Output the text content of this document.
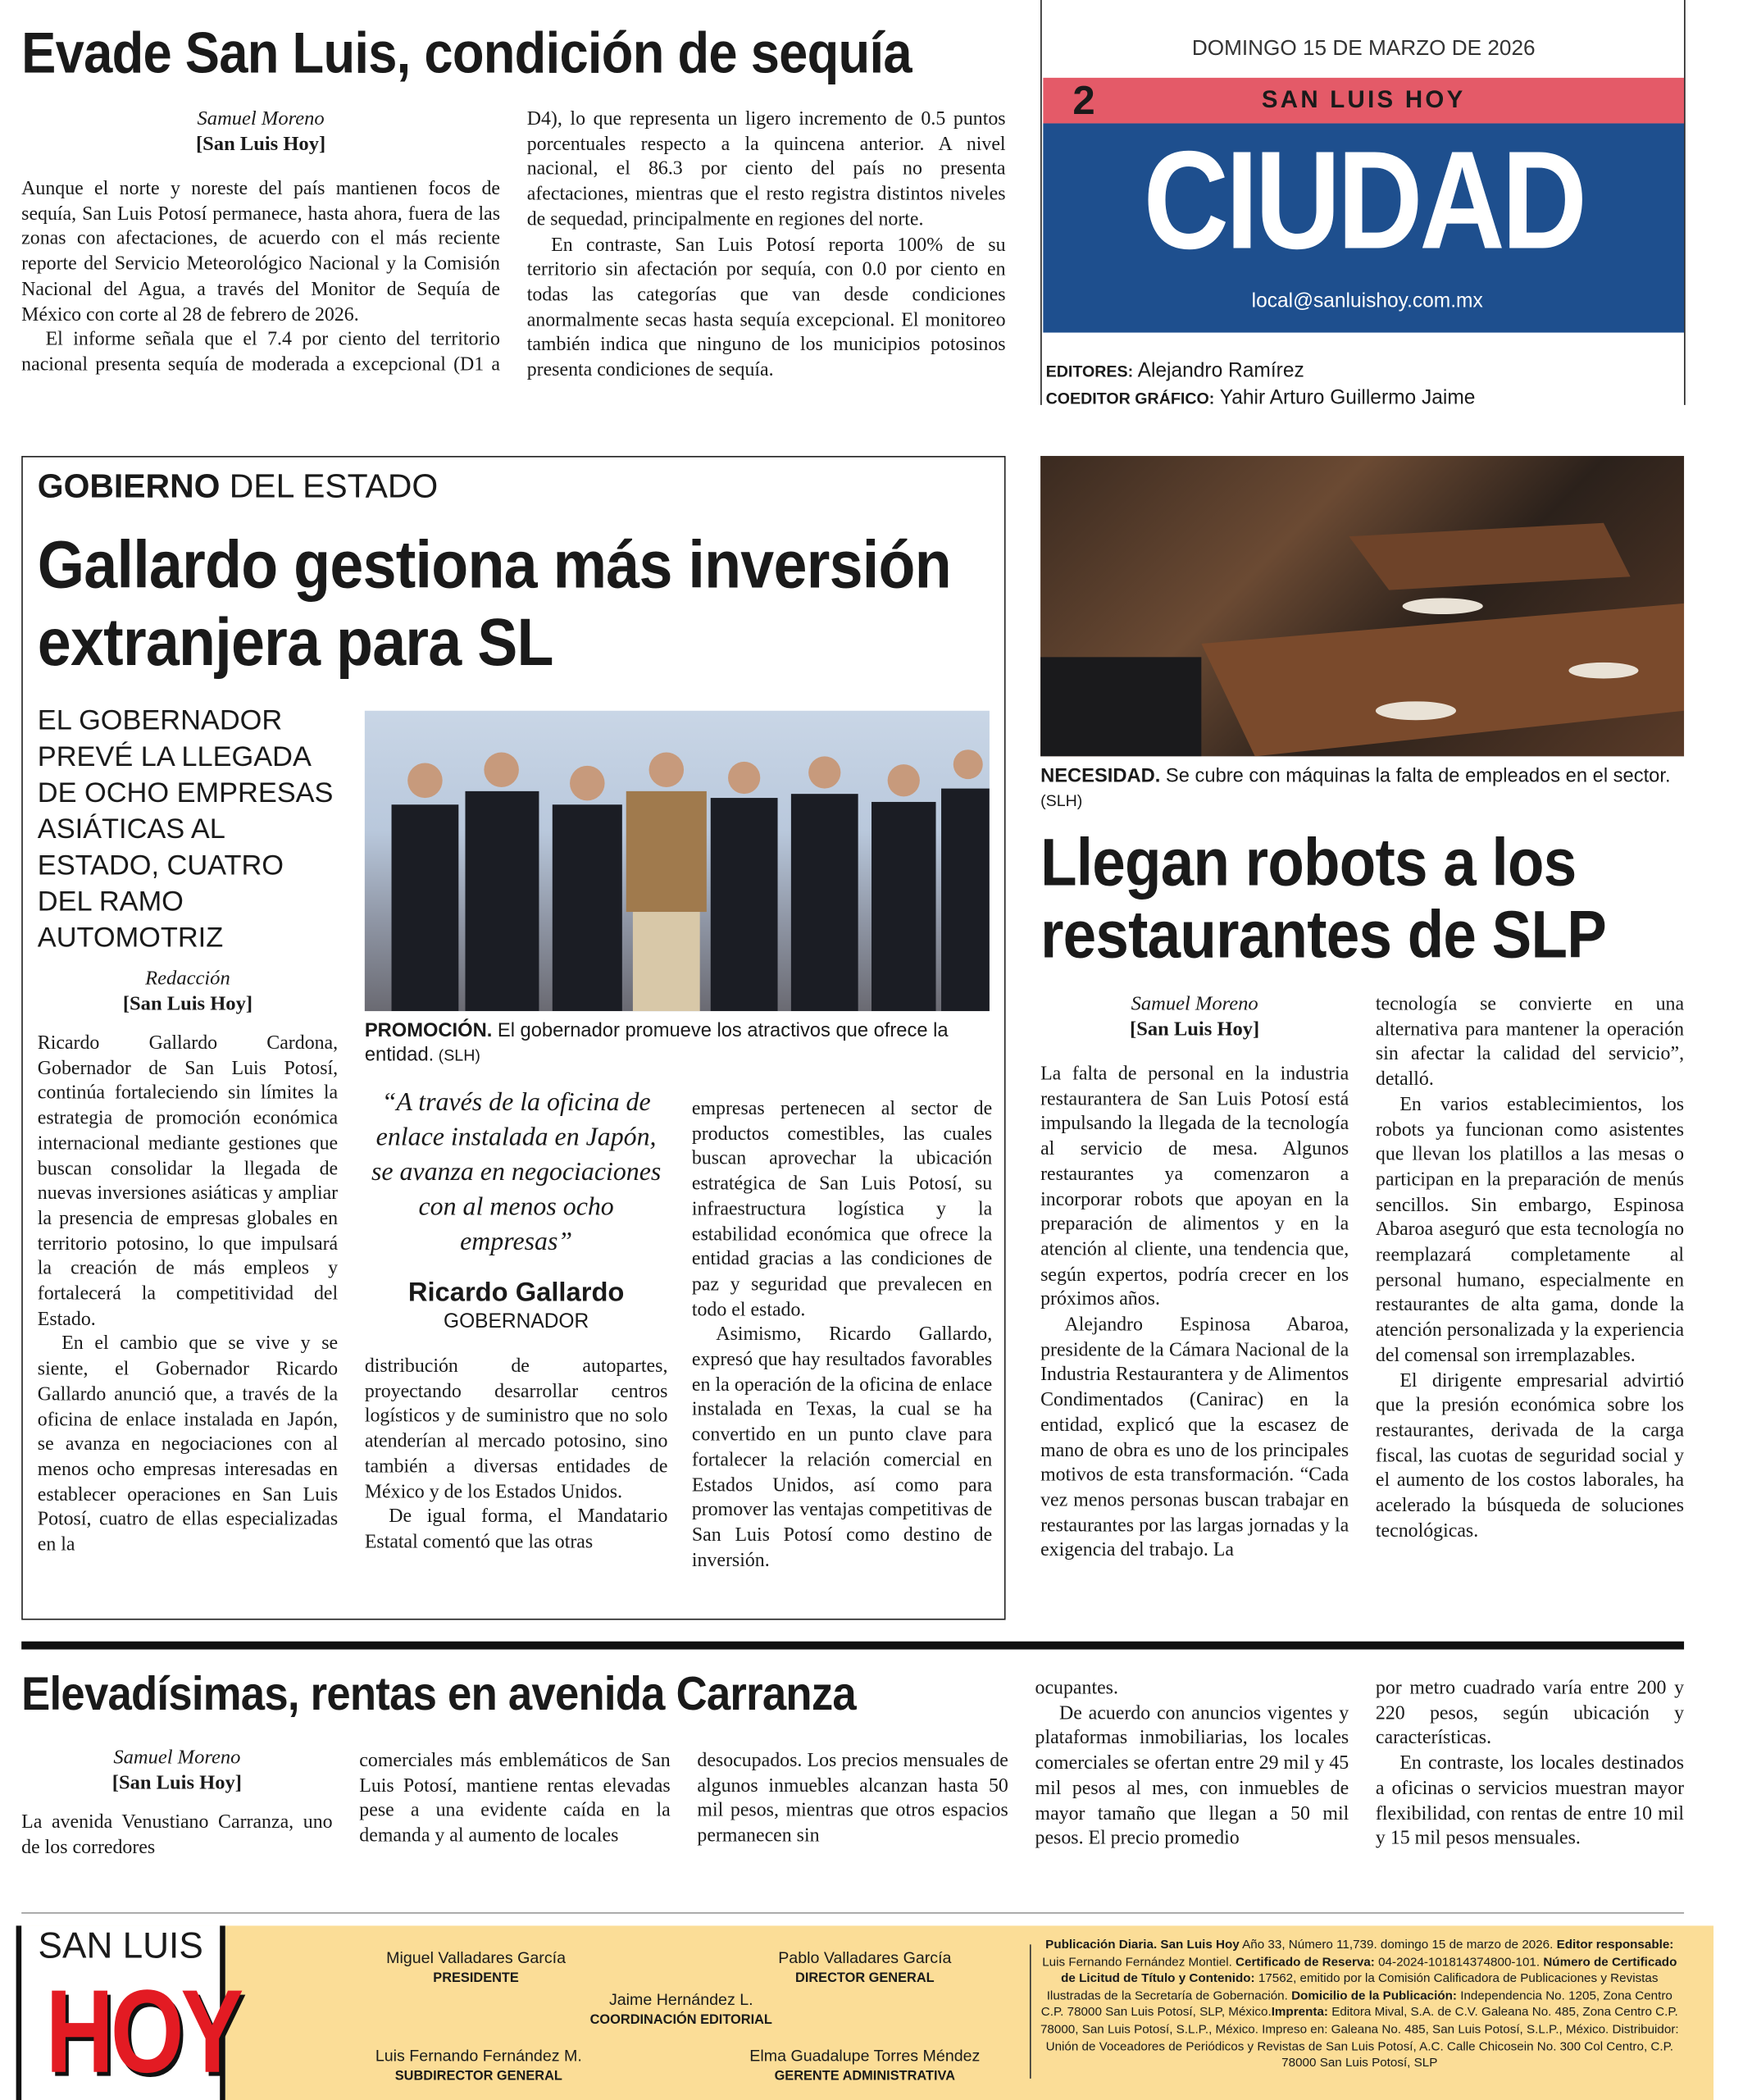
Evade San Luis, condición de sequía
Samuel Moreno
[San Luis Hoy]

Aunque el norte y noreste del país mantienen focos de sequía, San Luis Potosí permanece, hasta ahora, fuera de las zonas con afectaciones, de acuerdo con el más reciente reporte del Servicio Meteorológico Nacional y la Comisión Nacional del Agua, a través del Monitor de Sequía de México con corte al 28 de febrero de 2026.

El informe señala que el 7.4 por ciento del territorio nacional presenta sequía de moderada a excepcional (D1 a D4), lo que representa un ligero incremento de 0.5 puntos porcentuales respecto a la quincena anterior. A nivel nacional, el 86.3 por ciento del país no presenta afectaciones, mientras que el resto registra distintos niveles de sequedad, principalmente en regiones del norte.

En contraste, San Luis Potosí reporta 100% de su territorio sin afectación por sequía, con 0.0 por ciento en todas las categorías que van desde condiciones anormalmente secas hasta sequía excepcional. El monitoreo también indica que ninguno de los municipios potosinos presenta condiciones de sequía.

DOMINGO 15 DE MARZO DE 2026
2	SAN LUIS HOY
CIUDAD
local@sanluishoy.com.mx
EDITORES: Alejandro Ramírez
COEDITOR GRÁFICO: Yahir Arturo Guillermo Jaime
GOBIERNO DEL ESTADO
Gallardo gestiona más inversión extranjera para SL
EL GOBERNADOR PREVÉ LA LLEGADA DE OCHO EMPRESAS ASIÁTICAS AL ESTADO, CUATRO DEL RAMO AUTOMOTRIZ
Redacción
[San Luis Hoy]

Ricardo Gallardo Cardona, Gobernador de San Luis Potosí, continúa fortaleciendo sin límites la estrategia de promoción económica internacional mediante gestiones que buscan consolidar la llegada de nuevas inversiones asiáticas y ampliar la presencia de empresas globales en territorio potosino, lo que impulsará la creación de más empleos y fortalecerá la competitividad del Estado.

En el cambio que se vive y se siente, el Gobernador Ricardo Gallardo anunció que, a través de la oficina de enlace instalada en Japón, se avanza en negociaciones con al menos ocho empresas interesadas en establecer operaciones en San Luis Potosí, cuatro de ellas especializadas en la

PROMOCIÓN. El gobernador promueve los atractivos que ofrece la entidad. (SLH)
“A través de la oficina de enlace instalada en Japón, se avanza en negociaciones con al menos ocho empresas”
Ricardo Gallardo
GOBERNADOR

distribución de autopartes, proyectando desarrollar centros logísticos y de suministro que no solo atenderían al mercado potosino, sino también a diversas entidades de México y de los Estados Unidos.

De igual forma, el Mandatario Estatal comentó que las otras

empresas pertenecen al sector de productos comestibles, las cuales buscan aprovechar la ubicación estratégica de San Luis Potosí, su infraestructura logística y la estabilidad económica que ofrece la entidad gracias a las condiciones de paz y seguridad que prevalecen en todo el estado.

Asimismo, Ricardo Gallardo, expresó que hay resultados favorables en la operación de la oficina de enlace instalada en Texas, la cual se ha convertido en un punto clave para fortalecer la relación comercial en Estados Unidos, así como para promover las ventajas competitivas de San Luis Potosí como destino de inversión.

NECESIDAD. Se cubre con máquinas la falta de empleados en el sector. (SLH)
Llegan robots a los restaurantes de SLP
Samuel Moreno
[San Luis Hoy]

La falta de personal en la industria restaurantera de San Luis Potosí está impulsando la llegada de la tecnología al servicio de mesa. Algunos restaurantes ya comenzaron a incorporar robots que apoyan en la preparación de alimentos y en la atención al cliente, una tendencia que, según expertos, podría crecer en los próximos años.

Alejandro Espinosa Abaroa, presidente de la Cámara Nacional de la Industria Restaurantera y de Alimentos Condimentados (Canirac) en la entidad, explicó que la escasez de mano de obra es uno de los principales motivos de esta transformación. “Cada vez menos personas buscan trabajar en restaurantes por las largas jornadas y la exigencia del trabajo. La

tecnología se convierte en una alternativa para mantener la operación sin afectar la calidad del servicio”, detalló.

En varios establecimientos, los robots ya funcionan como asistentes que llevan los platillos a las mesas o participan en la preparación de menús sencillos. Sin embargo, Espinosa Abaroa aseguró que esta tecnología no reemplazará completamente al personal humano, especialmente en restaurantes de alta gama, donde la atención personalizada y la experiencia del comensal son irremplazables.

El dirigente empresarial advirtió que la presión económica sobre los restaurantes, derivada de la carga fiscal, las cuotas de seguridad social y el aumento de los costos laborales, ha acelerado la búsqueda de soluciones tecnológicas.

Elevadísimas, rentas en avenida Carranza
Samuel Moreno
[San Luis Hoy]

La avenida Venustiano Carranza, uno de los corredores

comerciales más emblemáticos de San Luis Potosí, mantiene rentas elevadas pese a una evidente caída en la demanda y al aumento de locales

desocupados. Los precios mensuales de algunos inmuebles alcanzan hasta 50 mil pesos, mientras que otros espacios permanecen sin

ocupantes.

De acuerdo con anuncios vigentes y plataformas inmobiliarias, los locales comerciales se ofertan entre 29 mil y 45 mil pesos al mes, con inmuebles de mayor tamaño que llegan a 50 mil pesos. El precio promedio

por metro cuadrado varía entre 200 y 220 pesos, según ubicación y características.

En contraste, los locales destinados a oficinas o servicios muestran mayor flexibilidad, con rentas de entre 10 mil y 15 mil pesos mensuales.

SAN LUIS
HOY
Miguel Valladares García
PRESIDENTE
Pablo Valladares García
DIRECTOR GENERAL
Jaime Hernández L.
COORDINACIÓN EDITORIAL
Luis Fernando Fernández M.
SUBDIRECTOR GENERAL
Elma Guadalupe Torres Méndez
GERENTE ADMINISTRATIVA
Publicación Diaria. San Luis Hoy Año 33, Número 11,739. domingo 15 de marzo de 2026. Editor responsable: Luis Fernando Fernández Montiel. Certificado de Reserva: 04-2024-101814374800-101. Número de Certificado de Licitud de Título y Contenido: 17562, emitido por la Comisión Calificadora de Publicaciones y Revistas Ilustradas de la Secretaría de Gobernación. Domicilio de la Publicación: Independencia No. 1205, Zona Centro C.P. 78000 San Luis Potosí, SLP, México.Imprenta: Editora Mival, S.A. de C.V. Galeana No. 485, Zona Centro C.P. 78000, San Luis Potosí, S.L.P., México. Impreso en: Galeana No. 485, San Luis Potosí, S.L.P., México. Distribuidor: Unión de Voceadores de Periódicos y Revistas de San Luis Potosí, A.C. Calle Chicosein No. 300 Col Centro, C.P. 78000 San Luis Potosí, SLP
